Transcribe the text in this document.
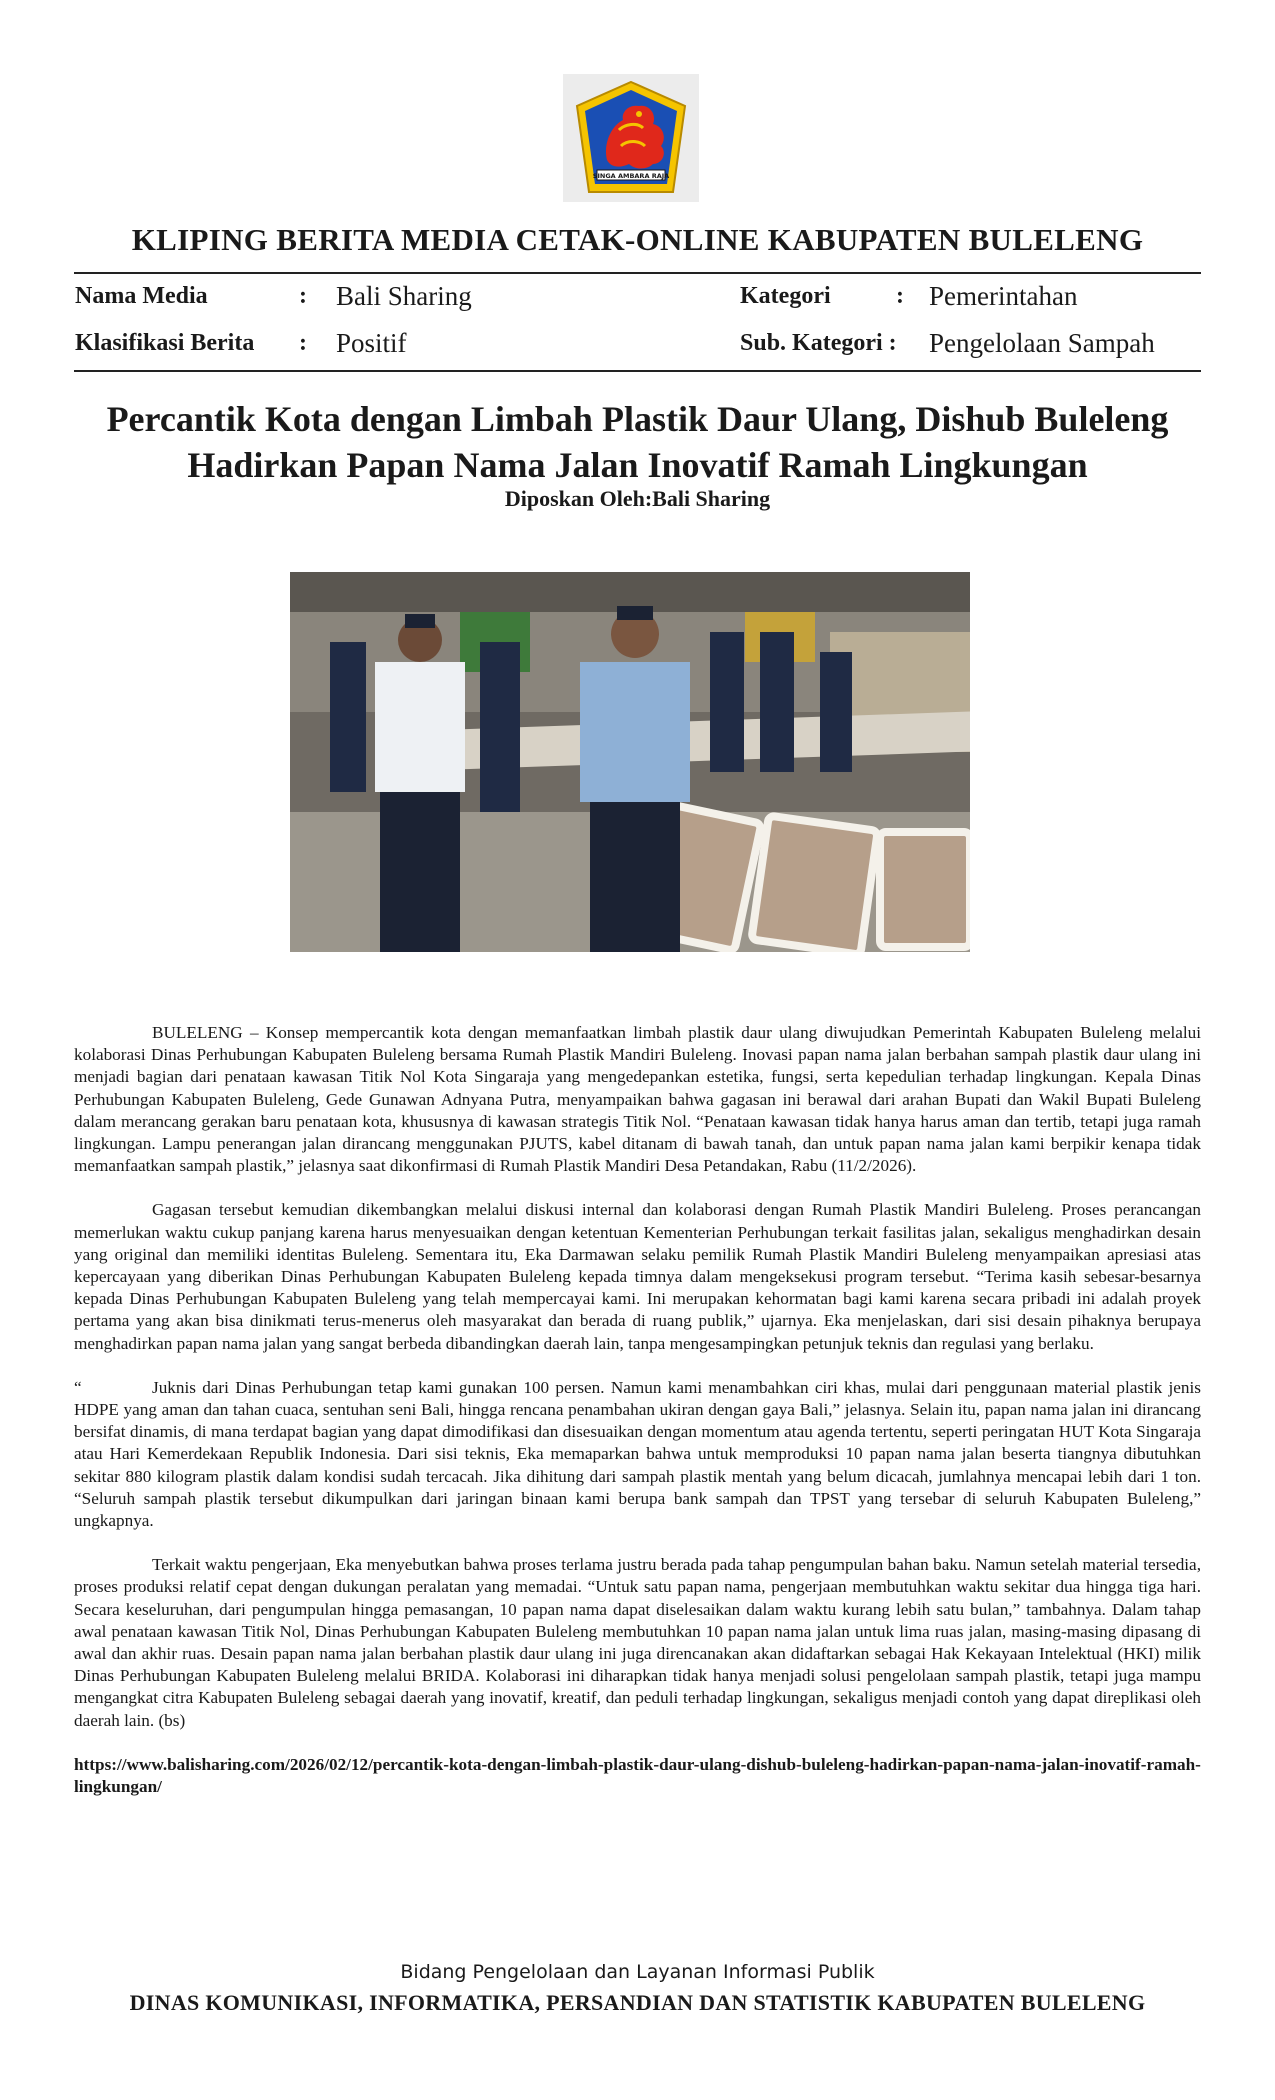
SINGA AMBARA RAJA
KLIPING BERITA MEDIA CETAK-ONLINE KABUPATEN BULELENG
Nama Media	: Bali Sharing
Klasifikasi Berita : Positif
Kategori	: Pemerintahan
Sub. Kategori : Pengelolaan Sampah
Percantik Kota dengan Limbah Plastik Daur Ulang, Dishub Buleleng
Hadirkan Papan Nama Jalan Inovatif Ramah Lingkungan
Diposkan Oleh:Bali Sharing

BULELENG – Konsep mempercantik kota dengan memanfaatkan limbah plastik daur ulang diwujudkan Pemerintah Kabupaten Buleleng melalui kolaborasi Dinas Perhubungan Kabupaten Buleleng bersama Rumah Plastik Mandiri Buleleng. Inovasi papan nama jalan berbahan sampah plastik daur ulang ini menjadi bagian dari penataan kawasan Titik Nol Kota Singaraja yang mengedepankan estetika, fungsi, serta kepedulian terhadap lingkungan. Kepala Dinas Perhubungan Kabupaten Buleleng, Gede Gunawan Adnyana Putra, menyampaikan bahwa gagasan ini berawal dari arahan Bupati dan Wakil Bupati Buleleng dalam merancang gerakan baru penataan kota, khususnya di kawasan strategis Titik Nol. “Penataan kawasan tidak hanya harus aman dan tertib, tetapi juga ramah lingkungan. Lampu penerangan jalan dirancang menggunakan PJUTS, kabel ditanam di bawah tanah, dan untuk papan nama jalan kami berpikir kenapa tidak memanfaatkan sampah plastik,” jelasnya saat dikonfirmasi di Rumah Plastik Mandiri Desa Petandakan, Rabu (11/2/2026).

Gagasan tersebut kemudian dikembangkan melalui diskusi internal dan kolaborasi dengan Rumah Plastik Mandiri Buleleng. Proses perancangan memerlukan waktu cukup panjang karena harus menyesuaikan dengan ketentuan Kementerian Perhubungan terkait fasilitas jalan, sekaligus menghadirkan desain yang original dan memiliki identitas Buleleng. Sementara itu, Eka Darmawan selaku pemilik Rumah Plastik Mandiri Buleleng menyampaikan apresiasi atas kepercayaan yang diberikan Dinas Perhubungan Kabupaten Buleleng kepada timnya dalam mengeksekusi program tersebut. “Terima kasih sebesar-besarnya kepada Dinas Perhubungan Kabupaten Buleleng yang telah mempercayai kami. Ini merupakan kehormatan bagi kami karena secara pribadi ini adalah proyek pertama yang akan bisa dinikmati terus-menerus oleh masyarakat dan berada di ruang publik,” ujarnya. Eka menjelaskan, dari sisi desain pihaknya berupaya menghadirkan papan nama jalan yang sangat berbeda dibandingkan daerah lain, tanpa mengesampingkan petunjuk teknis dan regulasi yang berlaku.

“	Juknis dari Dinas Perhubungan tetap kami gunakan 100 persen. Namun kami menambahkan ciri khas, mulai dari penggunaan material plastik jenis HDPE yang aman dan tahan cuaca, sentuhan seni Bali, hingga rencana penambahan ukiran dengan gaya Bali,” jelasnya. Selain itu, papan nama jalan ini dirancang bersifat dinamis, di mana terdapat bagian yang dapat dimodifikasi dan disesuaikan dengan momentum atau agenda tertentu, seperti peringatan HUT Kota Singaraja atau Hari Kemerdekaan Republik Indonesia. Dari sisi teknis, Eka memaparkan bahwa untuk memproduksi 10 papan nama jalan beserta tiangnya dibutuhkan sekitar 880 kilogram plastik dalam kondisi sudah tercacah. Jika dihitung dari sampah plastik mentah yang belum dicacah, jumlahnya mencapai lebih dari 1 ton. “Seluruh sampah plastik tersebut dikumpulkan dari jaringan binaan kami berupa bank sampah dan TPST yang tersebar di seluruh Kabupaten Buleleng,” ungkapnya.

Terkait waktu pengerjaan, Eka menyebutkan bahwa proses terlama justru berada pada tahap pengumpulan bahan baku. Namun setelah material tersedia, proses produksi relatif cepat dengan dukungan peralatan yang memadai. “Untuk satu papan nama, pengerjaan membutuhkan waktu sekitar dua hingga tiga hari. Secara keseluruhan, dari pengumpulan hingga pemasangan, 10 papan nama dapat diselesaikan dalam waktu kurang lebih satu bulan,” tambahnya. Dalam tahap awal penataan kawasan Titik Nol, Dinas Perhubungan Kabupaten Buleleng membutuhkan 10 papan nama jalan untuk lima ruas jalan, masing-masing dipasang di awal dan akhir ruas. Desain papan nama jalan berbahan plastik daur ulang ini juga direncanakan akan didaftarkan sebagai Hak Kekayaan Intelektual (HKI) milik Dinas Perhubungan Kabupaten Buleleng melalui BRIDA. Kolaborasi ini diharapkan tidak hanya menjadi solusi pengelolaan sampah plastik, tetapi juga mampu mengangkat citra Kabupaten Buleleng sebagai daerah yang inovatif, kreatif, dan peduli terhadap lingkungan, sekaligus menjadi contoh yang dapat direplikasi oleh daerah lain. (bs)

https://www.balisharing.com/2026/02/12/percantik-kota-dengan-limbah-plastik-daur-ulang-dishub-buleleng-hadirkan-papan-nama-jalan-inovatif-ramah-lingkungan/

Bidang Pengelolaan dan Layanan Informasi Publik
DINAS KOMUNIKASI, INFORMATIKA, PERSANDIAN DAN STATISTIK KABUPATEN BULELENG
